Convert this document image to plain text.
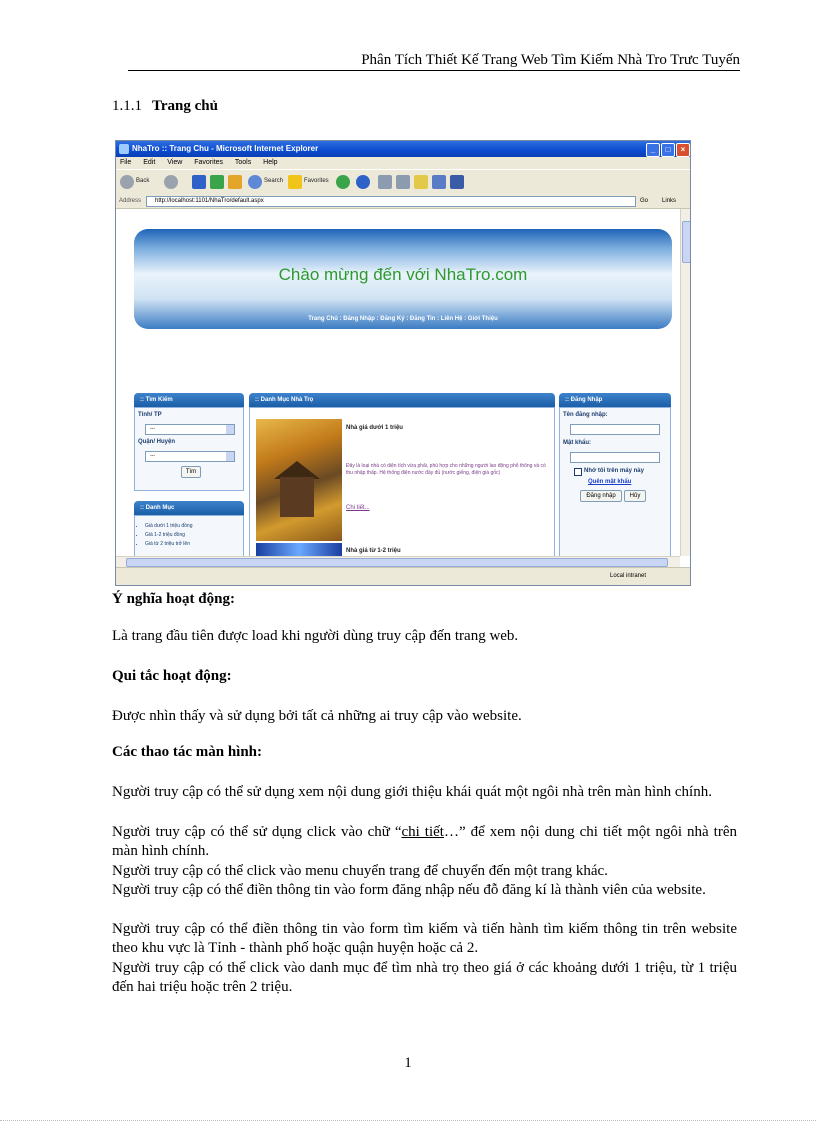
Phân Tích Thiết Kế Trang Web Tìm Kiếm Nhà Tro Trưc Tuyến
1.1.1 Trang chủ
NhaTro :: Trang Chu - Microsoft Internet Explorer	_	□	×
File Edit View Favorites Tools Help
Back	Search	Favorites
Address http://localhost:1101/NhaTro/default.aspx	Go Links
Chào mừng đến với NhaTro.com
Trang Chủ : Đăng Nhập : Đăng Ký : Đăng Tin : Liên Hệ : Giới Thiệu
:: Tìm Kiếm
Tỉnh/ TP
---
Quận/ Huyện
---
Tìm
:: Danh Mục
• Giá dưới 1 triệu đồng
• Giá 1-2 triệu đồng
• Giá từ 2 triệu trở lên
:: Danh Mục Nhà Trọ
Nhà giá dưới 1 triệu
Đây là loại nhà có diện tích vừa phải, phù hợp cho những người lao động phổ thông và có thu nhập thấp. Hệ thống điện nước đầy đủ (nước giếng, điện giá gốc)
Chi tiết...
Nhà giá từ 1-2 triệu
:: Đăng Nhập
Tên đăng nhập:
Mật khẩu:
Nhớ tôi trên máy này
Quên mật khẩu
Đăng nhập	Hủy
Local intranet
Ý nghĩa hoạt động:
Là trang đầu tiên được load khi người dùng truy cập đến trang web.
Qui tắc hoạt động:
Được nhìn thấy và sử dụng bởi tất cả những ai truy cập vào website.
Các thao tác màn hình:
Người truy cập có thể sử dụng xem nội dung giới thiệu khái quát một ngôi nhà trên màn hình chính.
Người truy cập có thể sử dụng click vào chữ “chi tiết…” để xem nội dung chi tiết một ngôi nhà trên màn hình chính.
Người truy cập có thể click vào menu chuyển trang để chuyển đến một trang khác.
Người truy cập có thể điền thông tin vào form đăng nhập nếu đỗ đăng kí là thành viên của website.
Người truy cập có thể điền thông tin vào form tìm kiếm và tiến hành tìm kiếm thông tin trên website theo khu vực là Tỉnh - thành phố hoặc quận huyện hoặc cả 2.
Người truy cập có thể click vào danh mục để tìm nhà trọ theo giá ở các khoảng dưới 1 triệu, từ 1 triệu đến hai triệu hoặc trên 2 triệu.
1
